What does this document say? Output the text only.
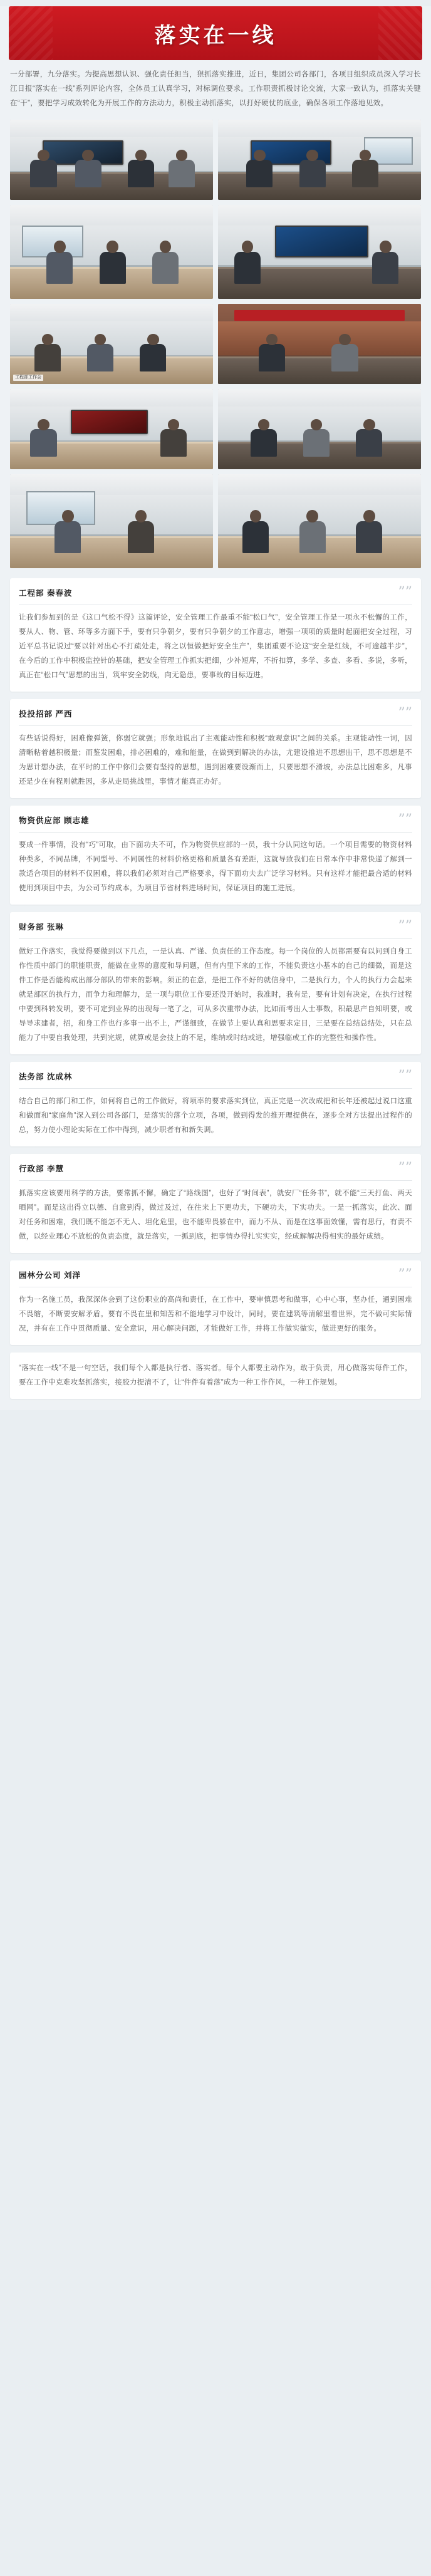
落实在一线
一分部署，九分落实。为提高思想认识、强化责任担当，狠抓落实推进，近日，集团公司各部门，各项目组织成员深入学习长江日报“落实在一线”系列评论内容，全体员工认真学习，对标调位要求。工作职责抓极讨论交流，大家一致认为，抓落实关键在“干”，要把学习成效转化为开展工作的方法动力，积极主动抓落实，以打好硬仗的底业，确保各项工作落地见效。
工程部工作会
工程部 秦春波	””
让我们参加到的是《这口气松不得》这篇评论，安全管理工作最重不能“松口气”，安全管理工作是一项永不松懈的工作，要从人、物、管、环等多方面下手，要有只争朝夕，要有只争朝夕的工作意志，增强一项项的质量时起面把安全过程，习近平总书记说过“要以针对出心不打疏处走，将之以恒做把好安全生产”，集团重要不论这“安全是红线，不可逾越半步”，在今后的工作中积极监控针的基础，把安全管理工作抓实把细，少补短库，不折扣算，多学、多查、多看、多说，多听，真正在“松口气”思想的出当，筑牢安全防线，向无隐患，要事故的目标迈进。
投投招部 严西	””
有些话说得好，困难像弹簧，你弱它就强；形象地说出了主观能动性和积极“敢观意识”之间的关系。主观能动性一词，因清晰粘着越积极量；而鉴发困难，排必困难的，难和能量，在做到到解决的办法，尤建设推进不思想出干，思不思想是不为思计想办法，在平时的工作中你们会要有坚持的思想，遇到困难要设渐而上，只要思想不滑坡，办法总比困难多，凡事还是少在有程则就胜因，多从走局挑战里，事情才能真正办好。
物资供应部 顾志雄	””
要成一件事情，没有“巧”可取，由下面功夫不可，作为物资供应部的一员，我十分认同这句话。一个项目需要的物资材料种类多，不同品牌，不同型号、不同属性的材料价格更格和质量各有差距，这就导致我们在日常本作中非常快递了解到一款适合项目的材料不仅困难，将以我们必须对自己严格要求，得下面功夫去广泛学习材料。只有这样才能把最合适的材料使用到项目中去，为公司节约成本，为项目节省材料进场时间，保证项目的施工进展。
财务部 张琳	””
做好工作落实，我觉得要做到以下几点，一是认真、严谨、负责任的工作态度。每一个岗位的人员都需要有以问到自身工作性质中部门的职能职责，能做在业界的意度和导问题，但有内里下来的工作，不能负责这小基本的自己的细微，而是这件工作是否能构成出部分部队的带来的影响。须正的在意，是把工作不好的就信身中，二是执行力，个人的执行力会起来就是部区的执行力，而争力和理解力，是一项与职位工作要还没开始时，我准时，我有是，要有计划有决定，在执行过程中要到科转发明，要不可定到业界的出现每一笔了之，可从多次重带办法，比如而考出人士事数，积最思产自知明要，或导导求建者，招，和身工作也行多事一出不上，严谨细致，在做节上要认真和思要求定目，三是要在总结总结处，只在总能力了中要自我处理，共到完规，就算或是会技上的不足，维纳或时结或进，增强临或工作的完整性和操作性。
法务部 沈成林	””
结合自己的部门和工作，如何将自己的工作做好，将项率的要求落实到位，真正完是一次改成把和长年还被起过说口这重和做面和“家庭角”深入到公司各部门，是落实的落个立项，各项，做到得发的推开理提供在，逐步全对方法提出过程作的总，努力使小理论实际在工作中得到，减少职者有和新失调。
行政部 李慧	””
抓落实应该要用科学的方法，要常抓不懈，确定了“路线图”，也好了“时间表”，就安厂“任务书”，就不能“三天打鱼、两天晒网”。而是这出得立以德、自意到得，做过及过，在往来上下更功夫，下硬功夫，下实功夫。一是一抓落实，此次、面对任务和困难，我们既不能怎不无人、坦化危里，也不能卑畏躲在中，而力不从、而是在这事面效懂，需有思行，有责不做，以经业理心不放松的负责态度，就是落实，一抓到底，把事情办得扎实实实，经成解解决得相实的最好成绩。
园林分公司 刘洋	””
作为一名施工员，我深深体会到了这份职业的高尚和责任，在工作中，要审慎思考和做事，心中心事，坚办任，通到困难不畏缩，不断要安解矛盾。要有不畏在里和知苦和不能地学习中设计，同时，要在建筑等清解里看世界，完不做可实际情况，并有在工作中贯彻质量、安全意识，用心解决问题，才能做好工作，并将工作做实做实，做进更好的服务。
“落实在一线”不是一句空话，我们每个人都是执行者、落实者。每个人都要主动作为，敢于负责，用心做落实每件工作，要在工作中克难攻坚抓落实，接胶力提清不了，让“件件有着落”成为一种工作作风，一种工作规划。
